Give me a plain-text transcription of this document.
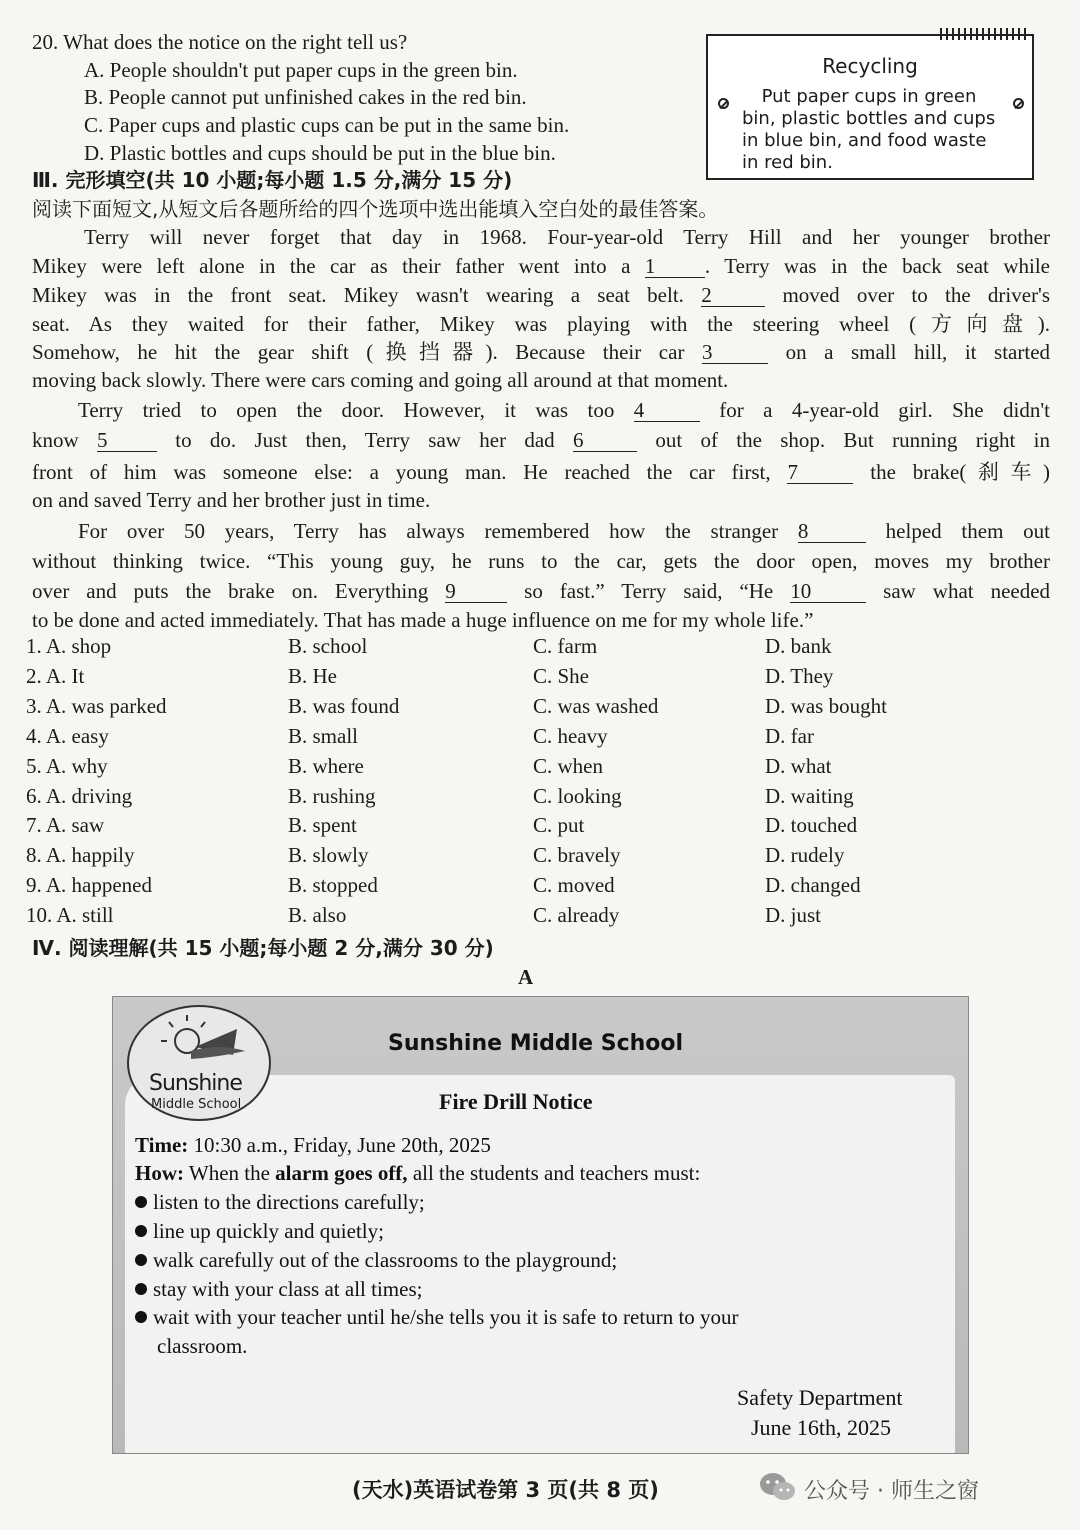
20. What does the notice on the right tell us?
A. People shouldn't put paper cups in the green bin.
B. People cannot put unfinished cakes in the red bin.
C. Paper cups and plastic cups can be put in the same bin.
D. Plastic bottles and cups should be put in the blue bin.
Recycling
Put paper cups in green
bin, plastic bottles and cups
in blue bin, and food waste
in red bin.
Ⅲ. 完形填空(共 10 小题;每小题 1.5 分,满分 15 分)
阅读下面短文,从短文后各题所给的四个选项中选出能填入空白处的最佳答案。
Terry will never forget that day in 1968. Four-year-old Terry Hill and her younger brother
Mikey were left alone in the car as their father went into a 1 . Terry was in the back seat while
Mikey was in the front seat. Mikey wasn't wearing a seat belt. 2	moved over to the driver's
seat. As they waited for their father, Mikey was playing with the steering wheel (方向盘).
Somehow, he hit the gear shift (换挡器). Because their car 3	on a small hill, it started
moving back slowly. There were cars coming and going all around at that moment.
Terry tried to open the door. However, it was too 4	for a 4-year-old girl. She didn't
know 5	to do. Just then, Terry saw her dad 6	out of the shop. But running right in
front of him was someone else: a young man. He reached the car first, 7	the brake(刹车)
on and saved Terry and her brother just in time.
For over 50 years, Terry has always remembered how the stranger 8	helped them out
without thinking twice. “This young guy, he runs to the car, gets the door open, moves my brother
over and puts the brake on. Everything 9	so fast.” Terry said, “He 10	saw what needed
to be done and acted immediately. That has made a huge influence on me for my whole life.”
1. A. shop	B. school	C. farm	D. bank
2. A. It	B. He	C. She	D. They
3. A. was parked	B. was found	C. was washed	D. was bought
4. A. easy	B. small	C. heavy	D. far
5. A. why	B. where	C. when	D. what
6. A. driving	B. rushing	C. looking	D. waiting
7. A. saw	B. spent	C. put	D. touched
8. A. happily	B. slowly	C. bravely	D. rudely
9. A. happened	B. stopped	C. moved	D. changed
10. A. still	B. also	C. already	D. just
Ⅳ. 阅读理解(共 15 小题;每小题 2 分,满分 30 分)
A
Sunshine
Middle School
Sunshine Middle School
Fire Drill Notice
Time: 10:30 a.m., Friday, June 20th, 2025
How: When the alarm goes off, all the students and teachers must:
listen to the directions carefully;
line up quickly and quietly;
walk carefully out of the classrooms to the playground;
stay with your class at all times;
wait with your teacher until he/she tells you it is safe to return to your
classroom.
Safety Department
June 16th, 2025
(天水)英语试卷第 3 页(共 8 页)	公众号 · 师生之窗
